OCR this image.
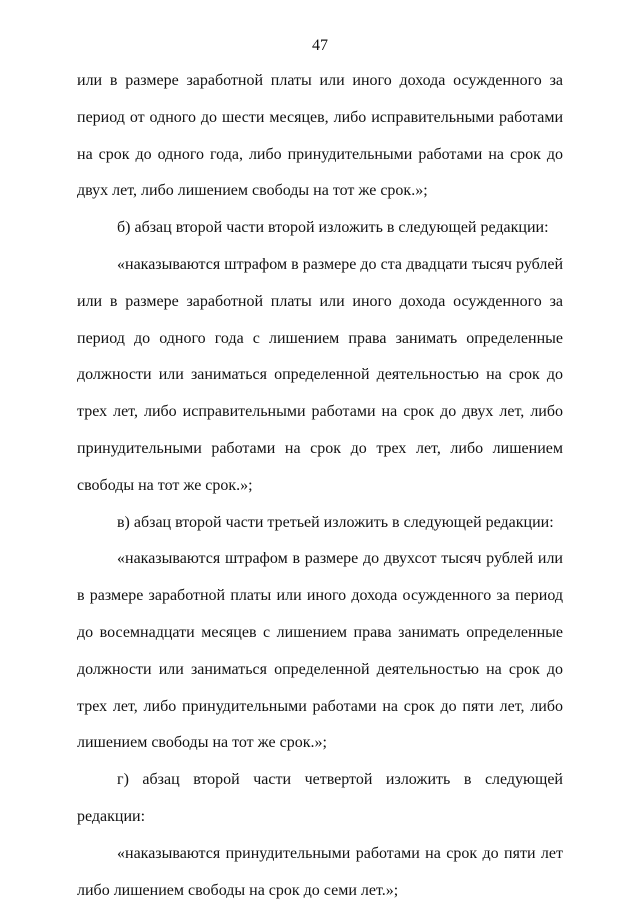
47

или в размере заработной платы или иного дохода осужденного за период от одного до шести месяцев, либо исправительными работами на срок до одного года, либо принудительными работами на срок до двух лет, либо лишением свободы на тот же срок.»;

б) абзац второй части второй изложить в следующей редакции:

«наказываются штрафом в размере до ста двадцати тысяч рублей или в размере заработной платы или иного дохода осужденного за период до одного года с лишением права занимать определенные должности или заниматься определенной деятельностью на срок до трех лет, либо исправительными работами на срок до двух лет, либо принудительными работами на срок до трех лет, либо лишением свободы на тот же срок.»;

в) абзац второй части третьей изложить в следующей редакции:

«наказываются штрафом в размере до двухсот тысяч рублей или в размере заработной платы или иного дохода осужденного за период до восемнадцати месяцев с лишением права занимать определенные должности или заниматься определенной деятельностью на срок до трех лет, либо принудительными работами на срок до пяти лет, либо лишением свободы на тот же срок.»;

г) абзац второй части четвертой изложить в следующей редакции:

«наказываются принудительными работами на срок до пяти лет либо лишением свободы на срок до семи лет.»;
